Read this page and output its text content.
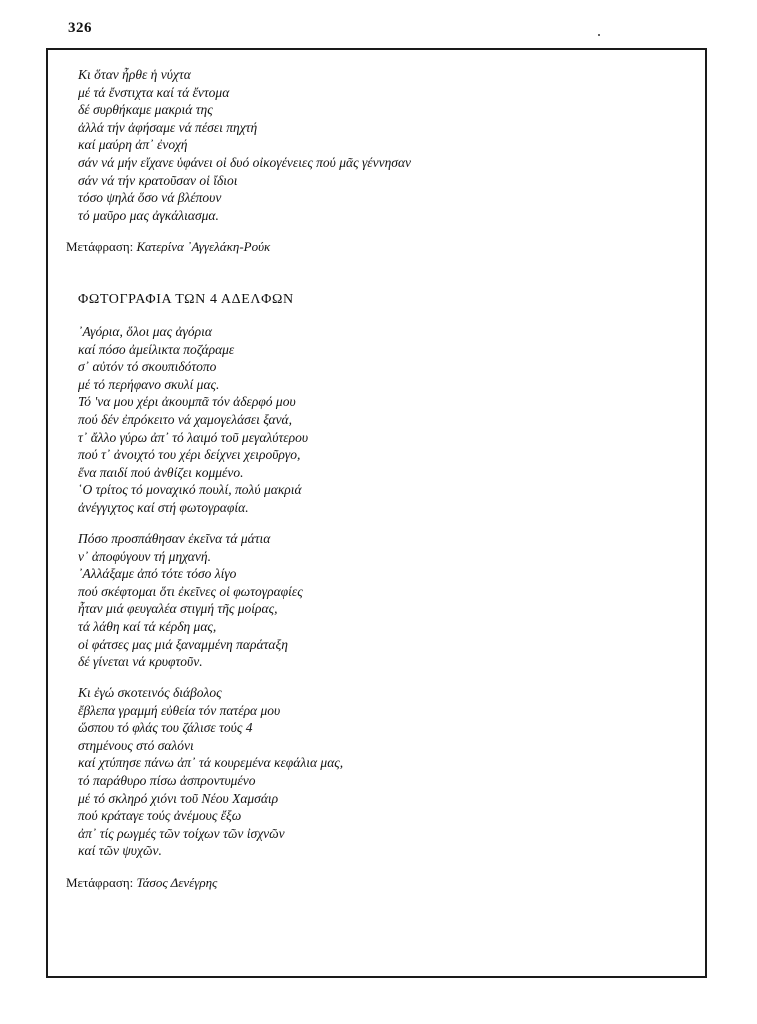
326
Κι ὅταν ἦρθε ἡ νύχτα
μέ τά ἔνστιχτα καί τά ἔντομα
δέ συρθήκαμε μακριά της
ἀλλά τήν ἀφήσαμε νά πέσει πηχτή
καί μαύρη ἀπ᾿ ἐνοχή
σάν νά μήν εἴχανε ὑφάνει οἱ δυό οἰκογένειες πού μᾶς γέννησαν
σάν νά τήν κρατοῦσαν οἱ ἴδιοι
τόσο ψηλά ὅσο νά βλέπουν
τό μαῦρο μας ἀγκάλιασμα.
Μετάφραση: Κατερίνα ᾿Αγγελάκη-Ρούκ
ΦΩΤΟΓΡΑΦΙΑ ΤΩΝ 4 ΑΔΕΛΦΩΝ
᾿Αγόρια, ὅλοι μας ἀγόρια
καί πόσο ἀμείλικτα ποζάραμε
σ᾿ αὐτόν τό σκουπιδότοπο
μέ τό περήφανο σκυλί μας.
Τό 'να μου χέρι ἀκουμπᾶ τόν ἀδερφό μου
πού δέν ἐπρόκειτο νά χαμογελάσει ξανά,
τ᾿ ἄλλο γύρω ἀπ᾿ τό λαιμό τοῦ μεγαλύτερου
πού τ᾿ ἀνοιχτό του χέρι δείχνει χειροῦργο,
ἕνα παιδί πού ἀνθίζει κομμένο.
῾Ο τρίτος τό μοναχικό πουλί, πολύ μακριά
ἀνέγγιχτος καί στή φωτογραφία.
Πόσο προσπάθησαν ἐκεῖνα τά μάτια
ν᾿ ἀποφύγουν τή μηχανή.
᾿Αλλάξαμε ἀπό τότε τόσο λίγο
πού σκέφτομαι ὅτι ἐκεῖνες οἱ φωτογραφίες
ἦταν μιά φευγαλέα στιγμή τῆς μοίρας,
τά λάθη καί τά κέρδη μας,
οἱ φάτσες μας μιά ξαναμμένη παράταξη
δέ γίνεται νά κρυφτοῦν.
Κι ἐγώ σκοτεινός διάβολος
ἔβλεπα γραμμή εὐθεία τόν πατέρα μου
ὥσπου τό φλάς του ζάλισε τούς 4
στημένους στό σαλόνι
καί χτύπησε πάνω ἀπ᾿ τά κουρεμένα κεφάλια μας,
τό παράθυρο πίσω ἀσπροντυμένο
μέ τό σκληρό χιόνι τοῦ Νέου Χαμσάιρ
πού κράταγε τούς ἀνέμους ἔξω
ἀπ᾿ τίς ρωγμές τῶν τοίχων τῶν ἰσχνῶν
καί τῶν ψυχῶν.
Μετάφραση: Τάσος Δενέγρης
